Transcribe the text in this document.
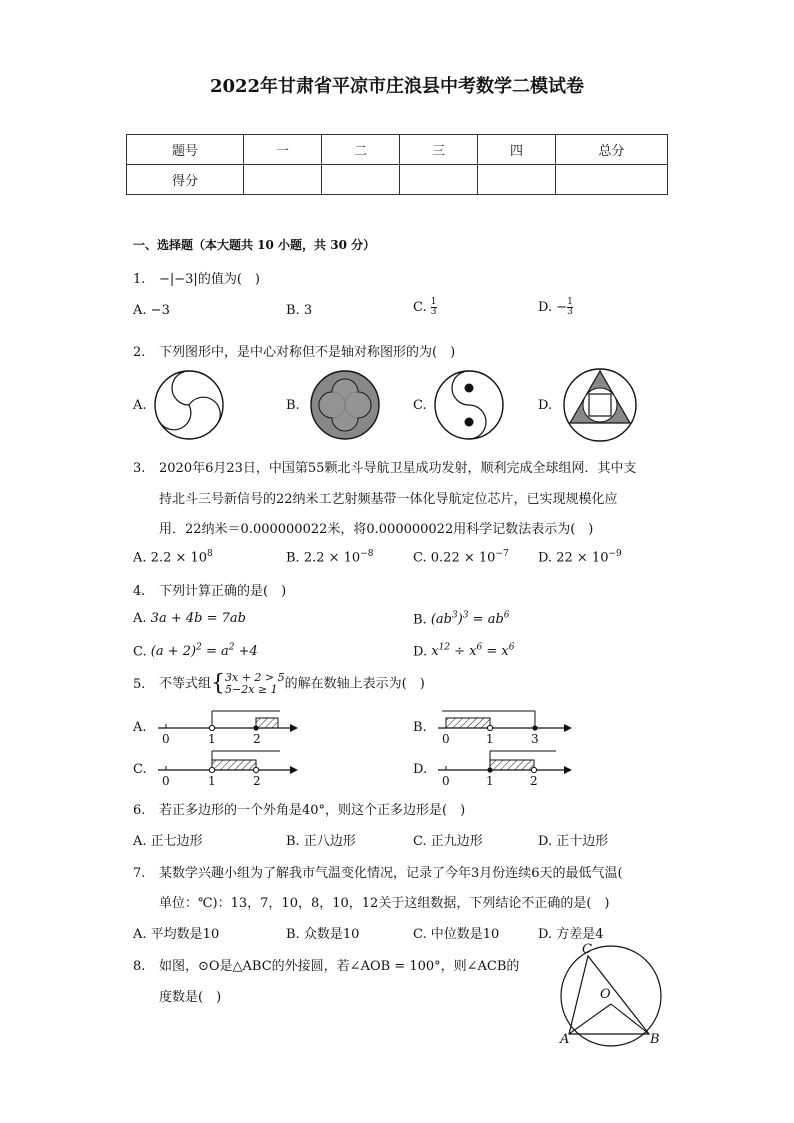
2022年甘肃省平凉市庄浪县中考数学二模试卷
题号	一	二	三	四	总分
得分					
一、选择题（本大题共 10 小题，共 30 分）
1. −|−3|的值为(　)
A. −3	B. 3	C. $\frac{1}{3}$	D. − $\frac{1}{3}$
2. 下列图形中，是中心对称但不是轴对称图形的为(　)
A.	B.	C.	D.
3. 2020年6月23日，中国第55颗北斗导航卫星成功发射，顺利完成全球组网．其中支
持北斗三号新信号的22纳米工艺射频基带一体化导航定位芯片，已实现规模化应
用．22纳米＝0.000000022米，将0.000000022用科学记数法表示为(　)
A. $2.2 \times 10^8$	B. $2.2 \times 10^{-8}$	C. $0.22 \times 10^{-7}$ D. $22 \times 10^{-9}$
4. 下列计算正确的是(　)
A. 3a + 4b = 7ab	B. $(ab^3)^3 = ab^6$
C. $(a + 2)^2 = a^2 +4$	D. $x^{12} \div x^6 = x^6$
5. 不等式组{3x + 2 > 5
5−2x ≥ 1 的解在数轴上表示为(　)
A.
0	1	2
B.
0	1	3
C.
0	1	2
D.
0	1	2
6. 若正多边形的一个外角是40°，则这个正多边形是(　)
A. 正七边形	B. 正八边形	C. 正九边形	D. 正十边形
7. 某数学兴趣小组为了解我市气温变化情况，记录了今年3月份连续6天的最低气温(
单位：℃)：13，7，10，8，10，12关于这组数据，下列结论不正确的是(　)
A. 平均数是10	B. 众数是10	C. 中位数是10	D. 方差是4
8. 如图，⊙O是△ABC的外接圆，若∠AOB = 100°，则∠ACB的
度数是(　)
C
O
A	B
